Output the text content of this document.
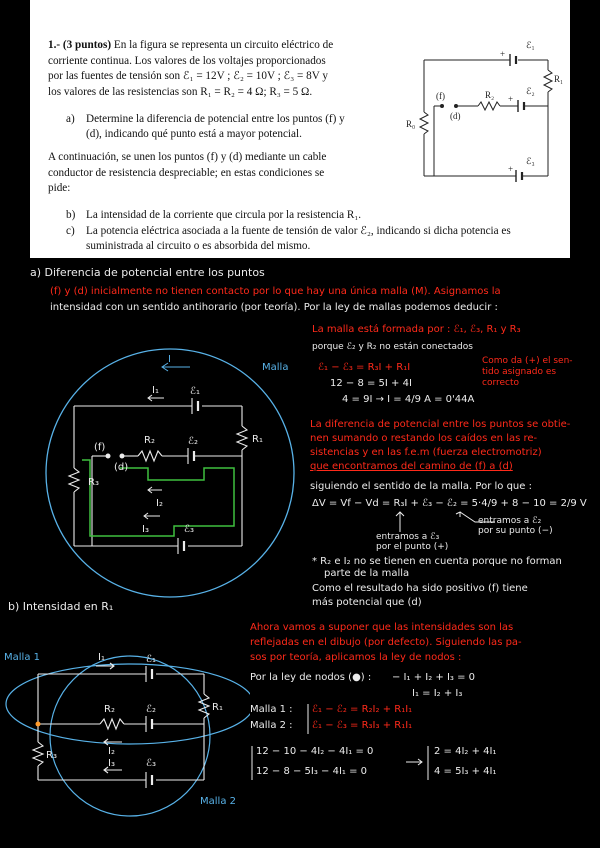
1.- (3 puntos) En la figura se representa un circuito eléctrico de
corriente continua. Los valores de los voltajes proporcionados
por las fuentes de tensión son ℰ₁ = 12V ; ℰ₂ = 10V ; ℰ₃ = 8V y
los valores de las resistencias son R₁ = R₂ = 4 Ω; R₃ = 5 Ω.
a) Determine la diferencia de potencial entre los puntos (f) y
(d), indicando qué punto está a mayor potencial.
A continuación, se unen los puntos (f) y (d) mediante un cable
conductor de resistencia despreciable; en estas condiciones se
pide:
b) La intensidad de la corriente que circula por la resistencia R₁.
c) La potencia eléctrica asociada a la fuente de tensión de valor ℰ₂, indicando si dicha potencia es
suministrada al circuito o es absorbida del mismo.
ℰ₁
+
R₁
ℰ₂
+
R₂
(f)
(d)
R₀
ℰ₃
+
a) Diferencia de potencial entre los puntos
(f) y (d) inicialmente no tienen contacto por lo que hay una única malla (M). Asignamos la
intensidad con un sentido antihorario (por teoría). Por la ley de mallas podemos deducir :
La malla está formada por : ℰ₁, ℰ₃, R₁ y R₃
porque ℰ₂ y R₂ no están conectados
ℰ₁ − ℰ₃ = R₃I + R₁I
12 − 8 = 5I + 4I
4 = 9I → I = 4/9 A = 0'44A
Como da (+) el sen-
tido asignado es
correcto
La diferencia de potencial entre los puntos se obtie-
nen sumando o restando los caídos en las re-
sistencias y en las f.e.m (fuerza electromotriz)
que encontramos del camino de (f) a (d)
siguiendo el sentido de la malla. Por lo que :
ΔV = Vf − Vd = R₃I + ℰ₃ − ℰ₂ = 5·4/9 + 8 − 10 = 2/9 V
entramos a ℰ₂
por su punto (−)
entramos a ℰ₃
por el punto (+)
* R₂ e I₂ no se tienen en cuenta porque no forman
parte de la malla
Como el resultado ha sido positivo (f) tiene
más potencial que (d)
Malla
I
I₁	ℰ₁
R₁
R₂	ℰ₂
I₂
I₃	ℰ₃
R₃
(f)
(d)
b) Intensidad en R₁
Ahora vamos a suponer que las intensidades son las
reflejadas en el dibujo (por defecto). Siguiendo las pa-
sos por teoría, aplicamos la ley de nodos :
Por la ley de nodos (●) : − I₁ + I₂ + I₃ = 0
I₁ = I₂ + I₃
Malla 1 : ℰ₁ − ℰ₂ = R₂I₂ + R₁I₁
Malla 2 : ℰ₁ − ℰ₃ = R₃I₃ + R₁I₁
12 − 10 − 4I₂ − 4I₁ = 0
12 − 8 − 5I₃ − 4I₁ = 0
2 = 4I₂ + 4I₁
4 = 5I₃ + 4I₁
Malla 1
Malla 2
I₁	ℰ₁
R₁
R₂	ℰ₂
I₂
ℰ₃
I₃
R₃
